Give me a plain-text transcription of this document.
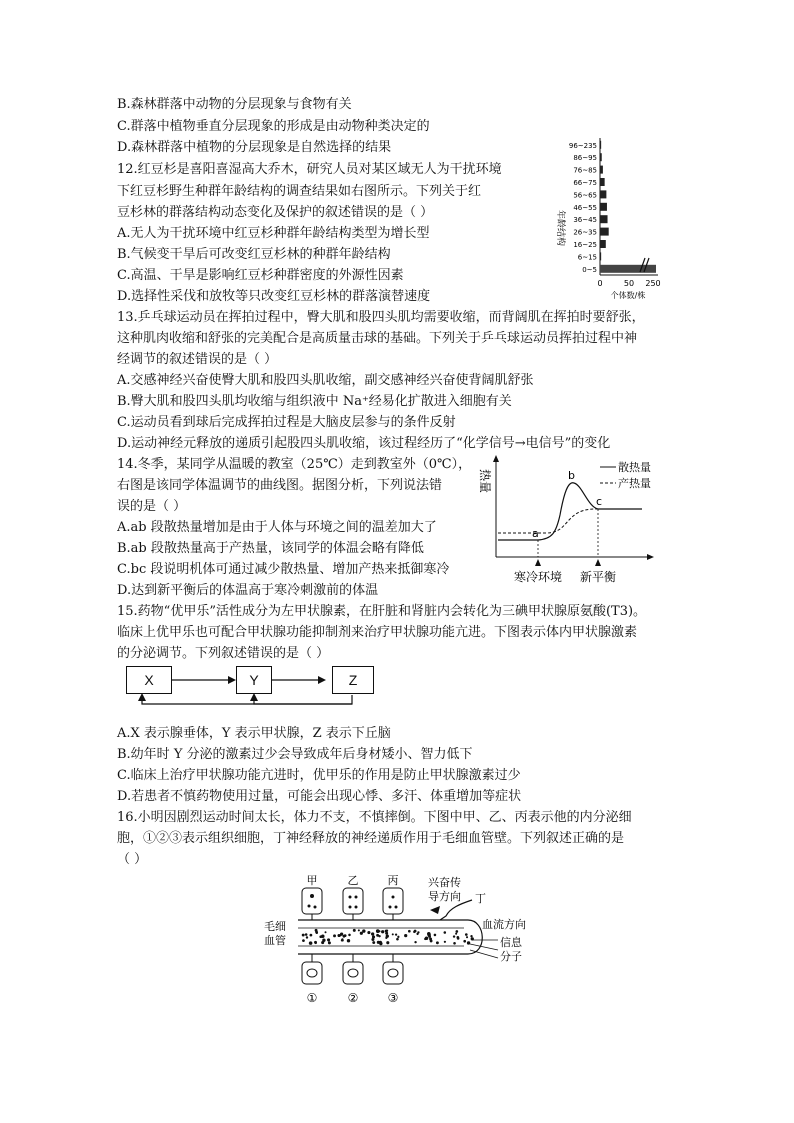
B.森林群落中动物的分层现象与食物有关
C.群落中植物垂直分层现象的形成是由动物种类决定的
D.森林群落中植物的分层现象是自然选择的结果
12.红豆杉是喜阳喜湿高大乔木，研究人员对某区域无人为干扰环境
下红豆杉野生种群年龄结构的调查结果如右图所示。下列关于红
豆杉林的群落结构动态变化及保护的叙述错误的是（ ）
A.无人为干扰环境中红豆杉种群年龄结构类型为增长型
B.气候变干旱后可改变红豆杉林的种群年龄结构
C.高温、干旱是影响红豆杉种群密度的外源性因素
D.选择性采伐和放牧等只改变红豆杉林的群落演替速度
13.乒乓球运动员在挥拍过程中，臀大肌和股四头肌均需要收缩，而背阔肌在挥拍时要舒张，
这种肌肉收缩和舒张的完美配合是高质量击球的基础。下列关于乒乓球运动员挥拍过程中神
经调节的叙述错误的是（ ）
A.交感神经兴奋使臀大肌和股四头肌收缩，副交感神经兴奋使背阔肌舒张
B.臀大肌和股四头肌均收缩与组织液中 Na⁺经易化扩散进入细胞有关
C.运动员看到球后完成挥拍过程是大脑皮层参与的条件反射
D.运动神经元释放的递质引起股四头肌收缩，该过程经历了“化学信号→电信号”的变化
14.冬季，某同学从温暖的教室（25℃）走到教室外（0℃），
右图是该同学体温调节的曲线图。据图分析，下列说法错
误的是（ ）
A.ab 段散热量增加是由于人体与环境之间的温差加大了
B.ab 段散热量高于产热量，该同学的体温会略有降低
C.bc 段说明机体可通过减少散热量、增加产热来抵御寒冷
D.达到新平衡后的体温高于寒冷刺激前的体温
15.药物“优甲乐”活性成分为左甲状腺素，在肝脏和肾脏内会转化为三碘甲状腺原氨酸(T3)。
临床上优甲乐也可配合甲状腺功能抑制剂来治疗甲状腺功能亢进。下图表示体内甲状腺激素
的分泌调节。下列叙述错误的是（ ）
A.X 表示腺垂体，Y 表示甲状腺，Z 表示下丘脑
B.幼年时 Y 分泌的激素过少会导致成年后身材矮小、智力低下
C.临床上治疗甲状腺功能亢进时，优甲乐的作用是防止甲状腺激素过少
D.若患者不慎药物使用过量，可能会出现心悸、多汗、体重增加等症状
16.小明因剧烈运动时间太长，体力不支，不慎摔倒。下图中甲、乙、丙表示他的内分泌细
胞，①②③表示组织细胞，丁神经释放的神经递质作用于毛细血管壁。下列叙述正确的是
（ ）
年龄结构
0~5
6~15
16~25
26~35
36~45
46~55
56~65
66~75
76~85
86~95
96~235
0	50 250
个体数/株
热量
散热量
产热量
a
b
c
寒冷环境 新平衡
X	Y	Z
甲	乙	丙	兴奋传
导方向 丁
毛细
血管
血流方向
信息
分子
①	② ③
